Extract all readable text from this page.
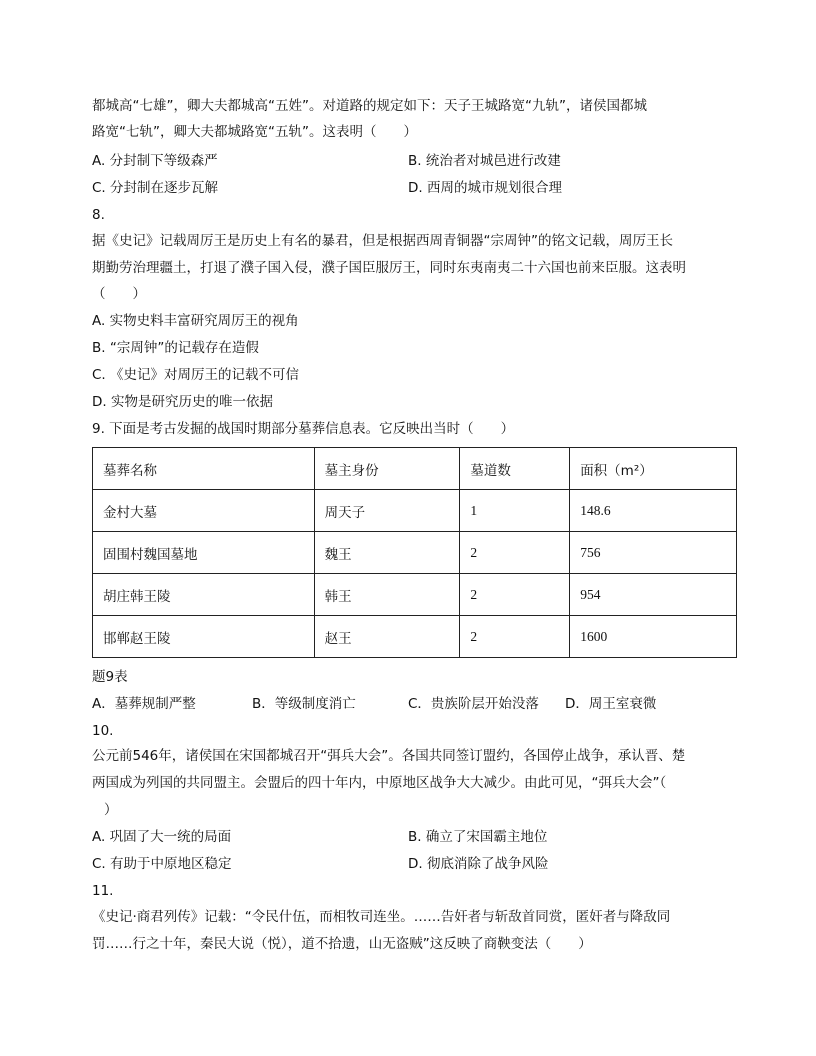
都城高“七雄”，卿大夫都城高“五姓”。对道路的规定如下：天子王城路宽“九轨”，诸侯国都城
路宽“七轨”，卿大夫都城路宽“五轨”。这表明（　　）
A. 分封制下等级森严	B. 统治者对城邑进行改建
C. 分封制在逐步瓦解	D. 西周的城市规划很合理
8.
据《史记》记载周厉王是历史上有名的暴君，但是根据西周青铜器“宗周钟”的铭文记载，周厉王长
期勤劳治理疆土，打退了濮子国入侵，濮子国臣服厉王，同时东夷南夷二十六国也前来臣服。这表明
（　　）
A. 实物史料丰富研究周厉王的视角
B. “宗周钟”的记载存在造假
C. 《史记》对周厉王的记载不可信
D. 实物是研究历史的唯一依据
9. 下面是考古发掘的战国时期部分墓葬信息表。它反映出当时（　　）
墓葬名称	墓主身份	墓道数	面积（m²）
金村大墓	周天子	1	148.6
固围村魏国墓地	魏王	2	756
胡庄韩王陵	韩王	2	954
邯郸赵王陵	赵王	2	1600
题9表
A．墓葬规制严整	B．等级制度消亡	C．贵族阶层开始没落 D．周王室衰微
10.
公元前546年，诸侯国在宋国都城召开“弭兵大会”。各国共同签订盟约，各国停止战争，承认晋、楚
两国成为列国的共同盟主。会盟后的四十年内，中原地区战争大大减少。由此可见，“弭兵大会”（
）
A. 巩固了大一统的局面	B. 确立了宋国霸主地位
C. 有助于中原地区稳定	D. 彻底消除了战争风险
11.
《史记·商君列传》记载：“令民什伍，而相牧司连坐。……告奸者与斩敌首同赏，匿奸者与降敌同
罚……行之十年，秦民大说（悦），道不拾遗，山无盗贼”这反映了商鞅变法（　　）
